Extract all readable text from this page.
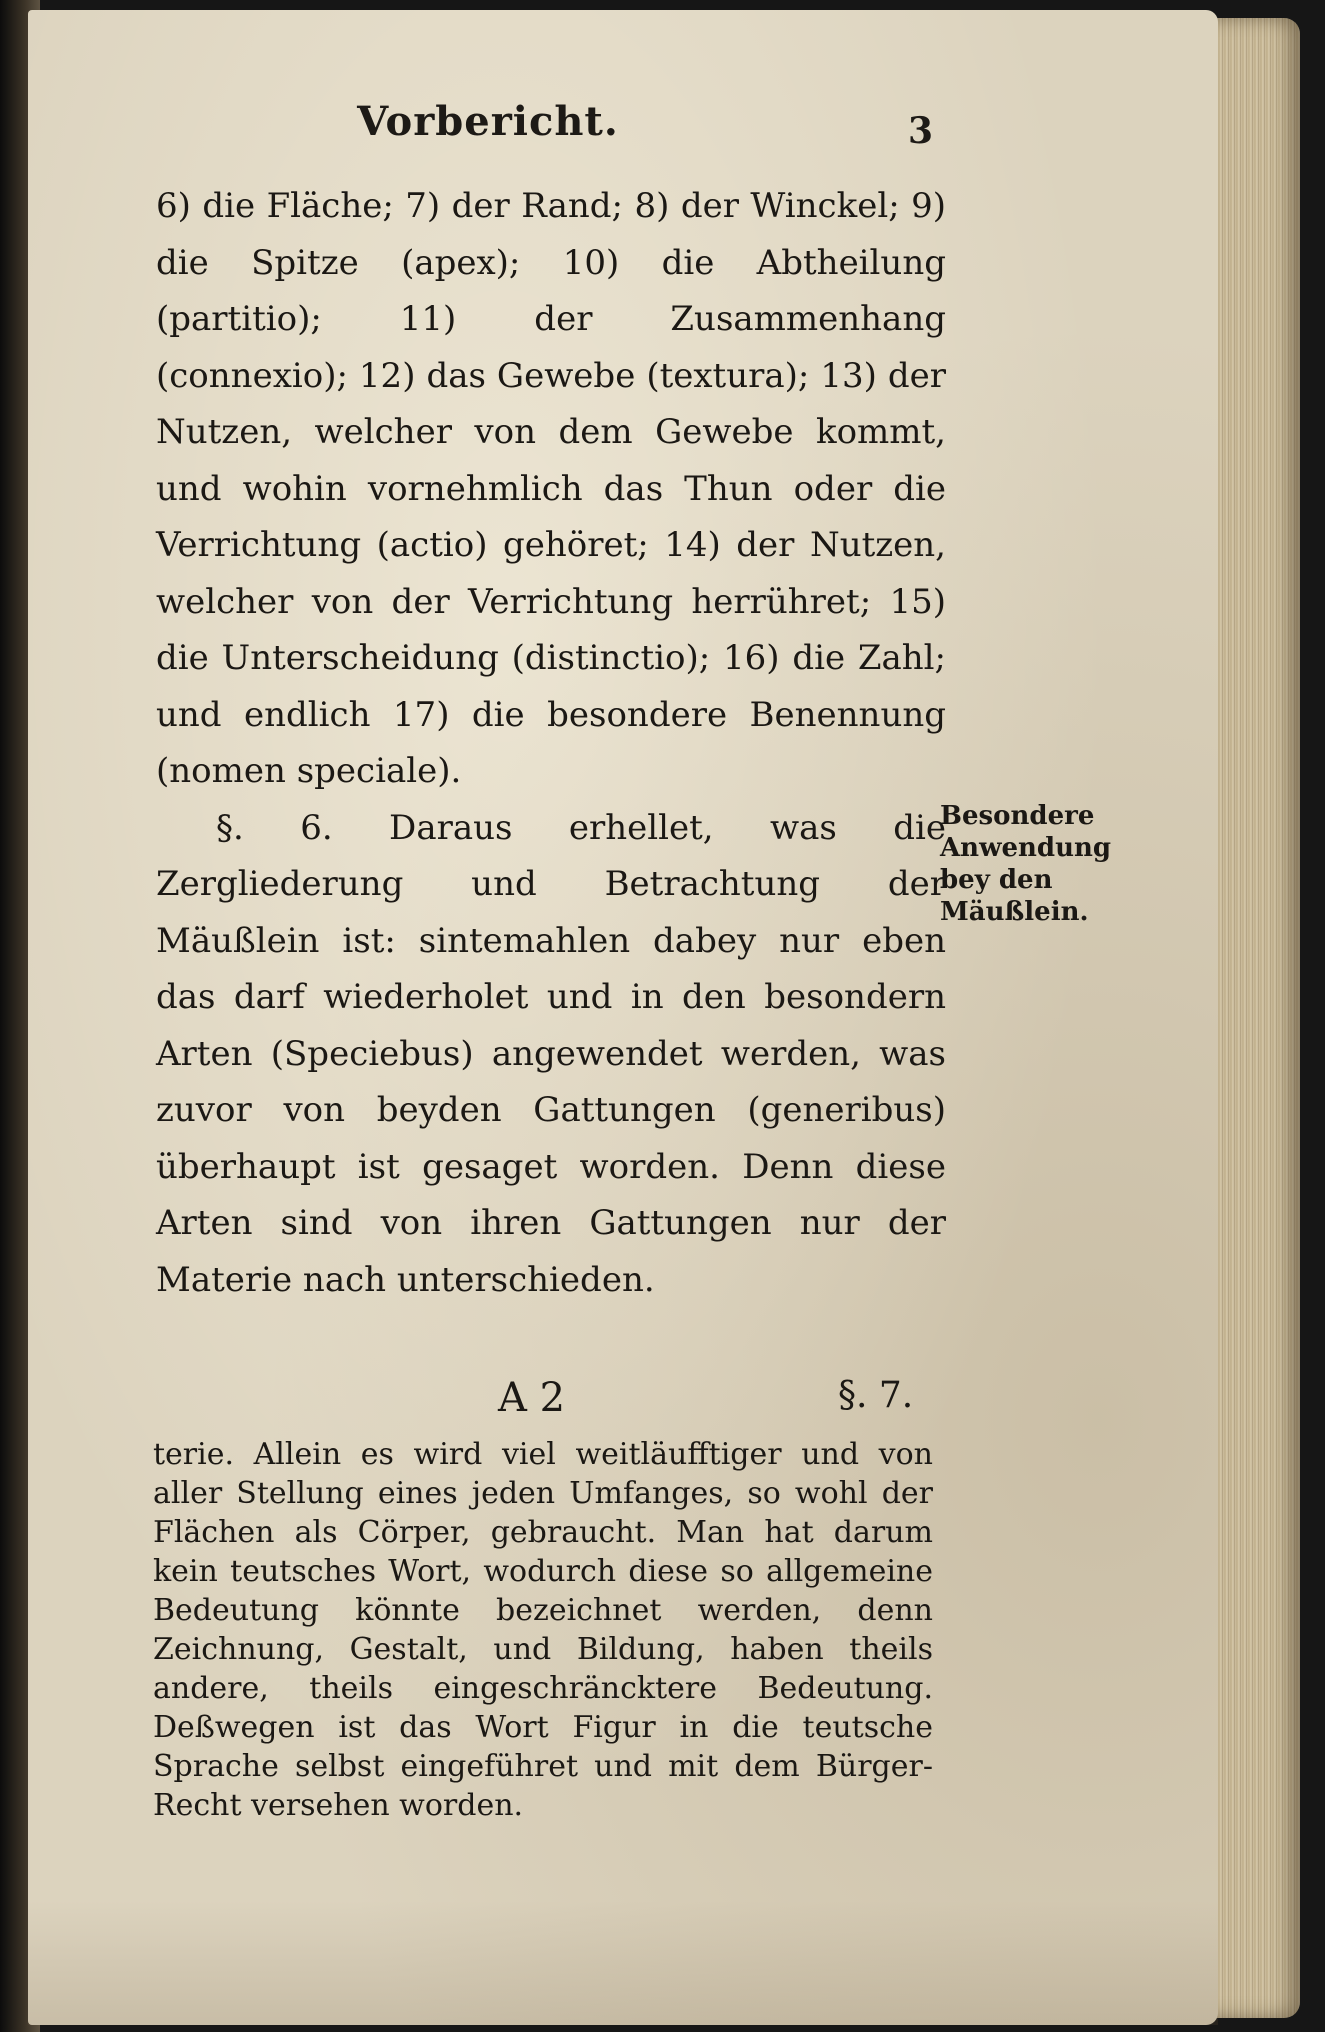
Vorbericht.	3

6) die Fläche; 7) der Rand; 8) der Winckel; 9) die Spitze (apex); 10) die Abtheilung (partitio); 11) der Zusammenhang (connexio); 12) das Gewebe (textura); 13) der Nutzen, welcher von dem Gewebe kommt, und wohin vornehmlich das Thun oder die Verrichtung (actio) gehöret; 14) der Nutzen, welcher von der Verrichtung herrühret; 15) die Unterscheidung (distinctio); 16) die Zahl; und endlich 17) die besondere Benennung (nomen speciale).

§. 6. Daraus erhellet, was die Zergliederung und Betrachtung der Mäußlein ist: sintemahlen dabey nur eben das darf wiederholet und in den besondern Arten (Speciebus) angewendet werden, was zuvor von beyden Gattungen (generibus) überhaupt ist gesaget worden. Denn diese Arten sind von ihren Gattungen nur der Materie nach unterschieden.

Besondere
Anwendung
bey den
Mäußlein.
A 2	§. 7.
terie. Allein es wird viel weitläufftiger und von aller Stellung eines jeden Umfanges, so wohl der Flächen als Cörper, gebraucht. Man hat darum kein teutsches Wort, wodurch diese so allgemeine Bedeutung könnte bezeichnet werden, denn Zeichnung, Gestalt, und Bildung, haben theils andere, theils eingeschräncktere Bedeutung. Deßwegen ist das Wort Figur in die teutsche Sprache selbst eingeführet und mit dem Bürger-Recht versehen worden.
